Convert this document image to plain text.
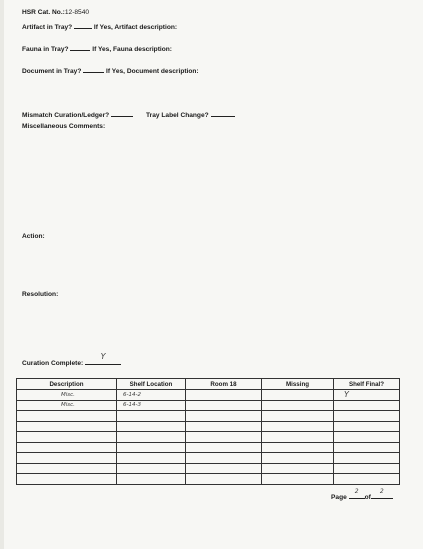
HSR Cat. No.:12-8540
Artifact in Tray?	If Yes, Artifact description:
Fauna in Tray?	If Yes, Fauna description:
Document in Tray?	If Yes, Document description:
Mismatch Curation/Ledger?	Tray Label Change?
Miscellaneous Comments:
Action:
Resolution:
Curation Complete:
Y
Description	Shelf Location	Room 18	Missing	Shelf Final?
Misc.	6-14-2			Y
Misc.	6-14-3			

Page
2
of
2
